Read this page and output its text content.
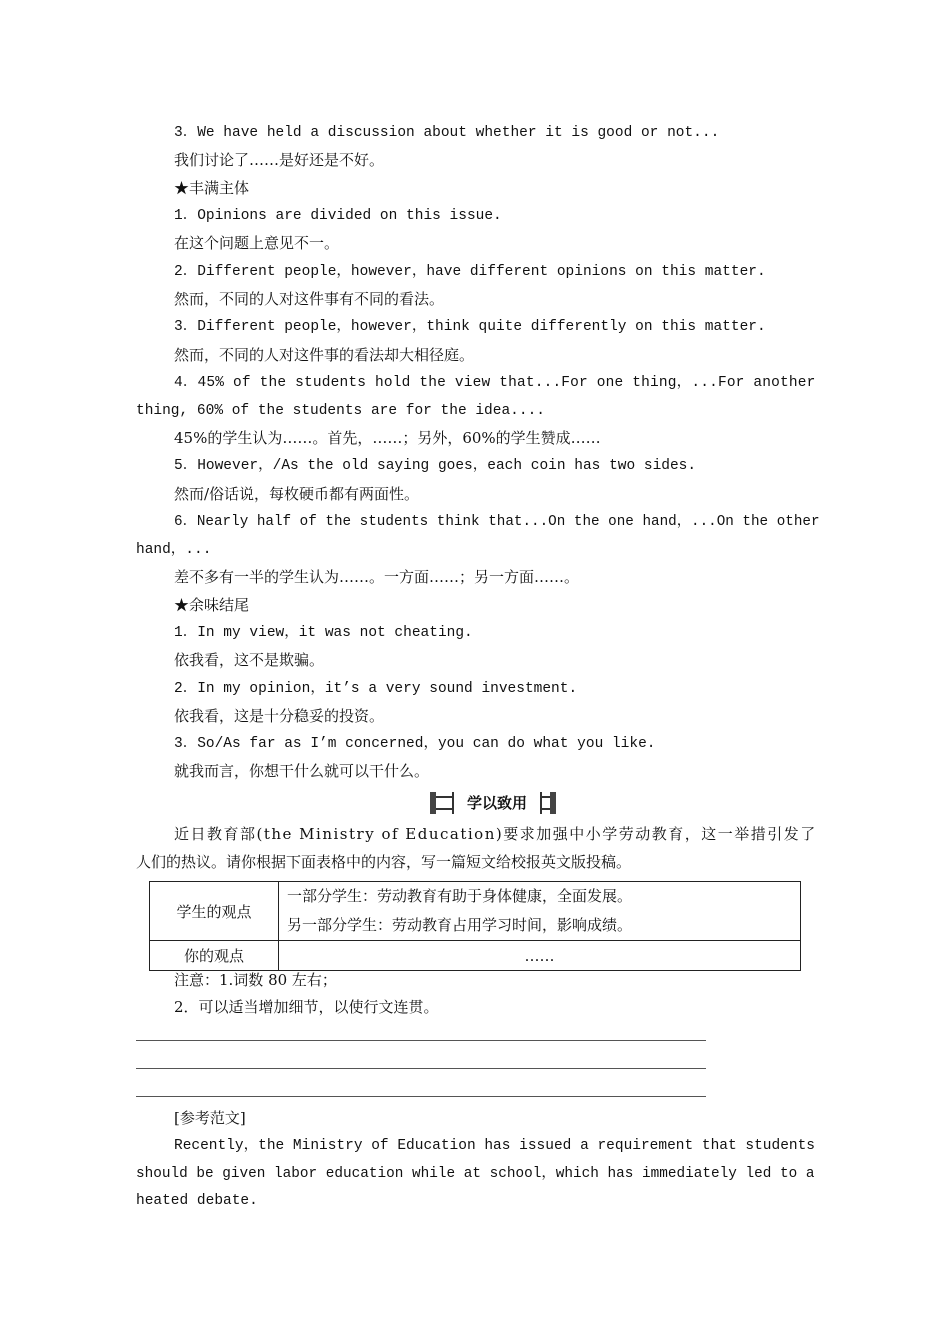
3．We have held a discussion about whether it is good or not...
我们讨论了……是好还是不好。
★丰满主体
1．Opinions are divided on this issue.
在这个问题上意见不一。
2．Different people，however，have different opinions on this matter.
然而，不同的人对这件事有不同的看法。
3．Different people，however，think quite differently on this matter.
然而，不同的人对这件事的看法却大相径庭。
4．45% of the students hold the view that...For one thing，...For another
thing, 60% of the students are for the idea....
45%的学生认为……。首先，……；另外，60%的学生赞成……
5．However，/As the old saying goes，each coin has two sides.
然而/俗话说，每枚硬币都有两面性。
6．Nearly half of the students think that...On the one hand，...On the other
hand，...
差不多有一半的学生认为……。一方面……；另一方面……。
★余味结尾
1．In my view，it was not cheating.
依我看，这不是欺骗。
2．In my opinion，it’s a very sound investment.
依我看，这是十分稳妥的投资。
3．So/As far as I’m concerned，you can do what you like.
就我而言，你想干什么就可以干什么。
学以致用
近日教育部(the Ministry of Education)要求加强中小学劳动教育，这一举措引发了
人们的热议。请你根据下面表格中的内容，写一篇短文给校报英文版投稿。
学生的观点	一部分学生：劳动教育有助于身体健康，全面发展。
另一部分学生：劳动教育占用学习时间，影响成绩。

你的观点	……
注意：1.词数 80 左右；
2．可以适当增加细节，以使行文连贯。
[参考范文]
Recently，the Ministry of Education has issued a requirement that students
should be given labor education while at school，which has immediately led to a
heated debate.
